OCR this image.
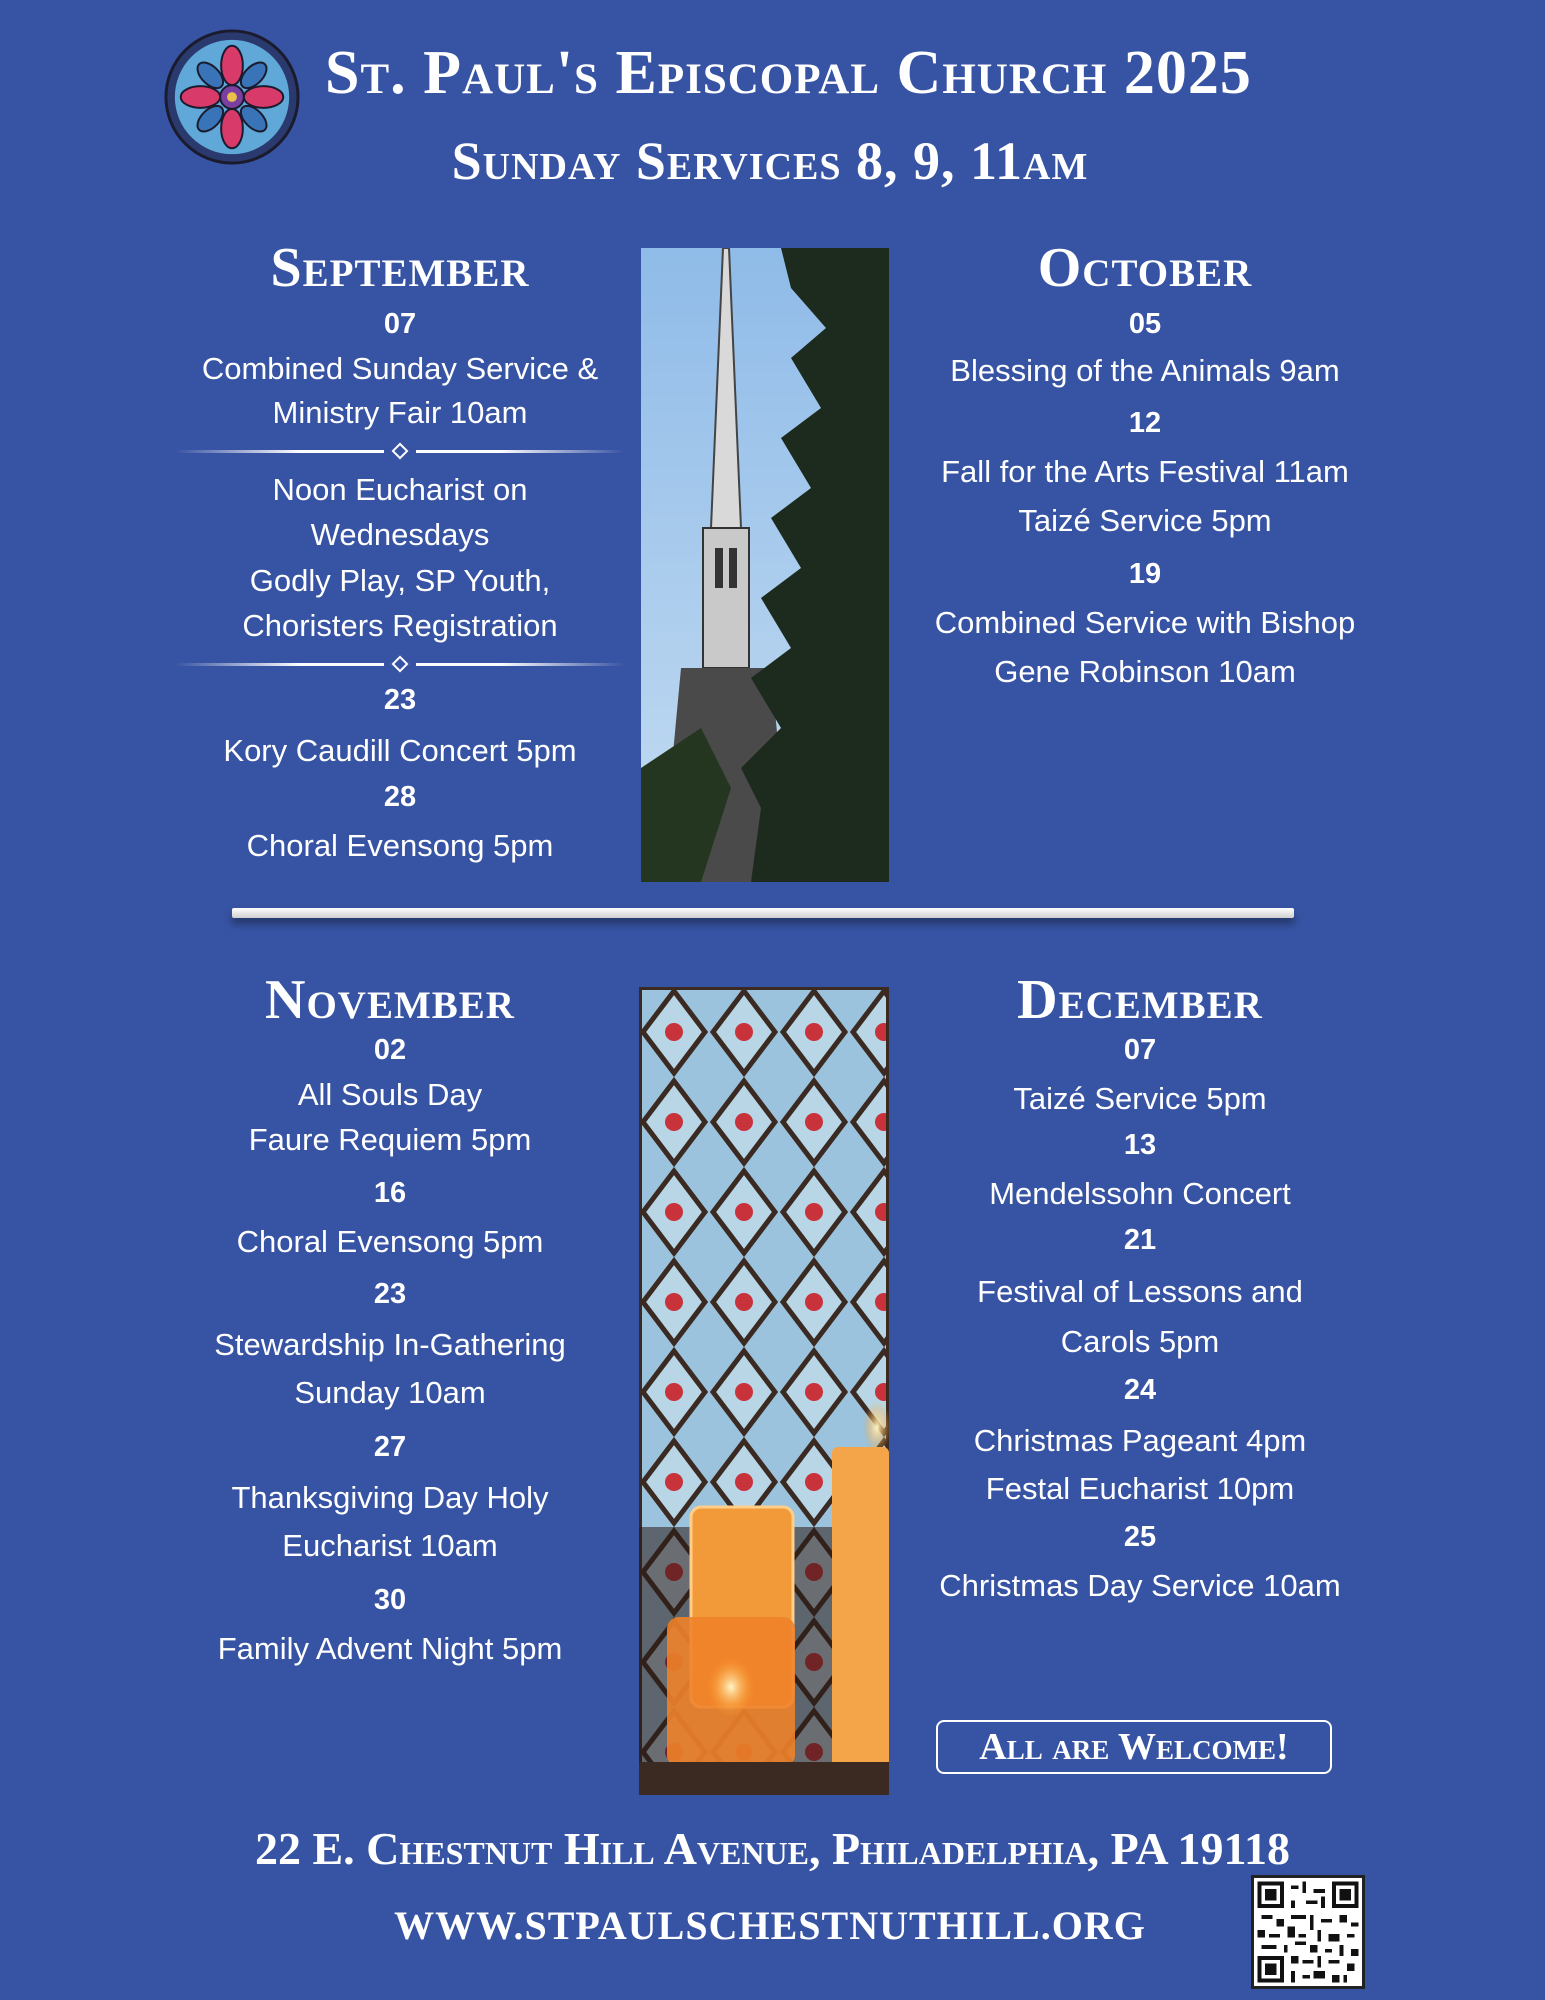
St. Paul's Episcopal Church 2025
Sunday Services 8, 9, 11am
September
07
Combined Sunday Service &
Ministry Fair 10am
Noon Eucharist on
Wednesdays
Godly Play, SP Youth,
Choristers Registration
23
Kory Caudill Concert 5pm
28
Choral Evensong 5pm
October
05
Blessing of the Animals 9am
12
Fall for the Arts Festival 11am
Taizé Service 5pm
19
Combined Service with Bishop
Gene Robinson 10am
November
02
All Souls Day
Faure Requiem 5pm
16
Choral Evensong 5pm
23
Stewardship In-Gathering
Sunday 10am
27
Thanksgiving Day Holy
Eucharist 10am
30
Family Advent Night 5pm
December
07
Taizé Service 5pm
13
Mendelssohn Concert
21
Festival of Lessons and
Carols 5pm
24
Christmas Pageant 4pm
Festal Eucharist 10pm
25
Christmas Day Service 10am
All are Welcome!
22 E. Chestnut Hill Avenue, Philadelphia, PA 19118
WWW.STPAULSCHESTNUTHILL.ORG
